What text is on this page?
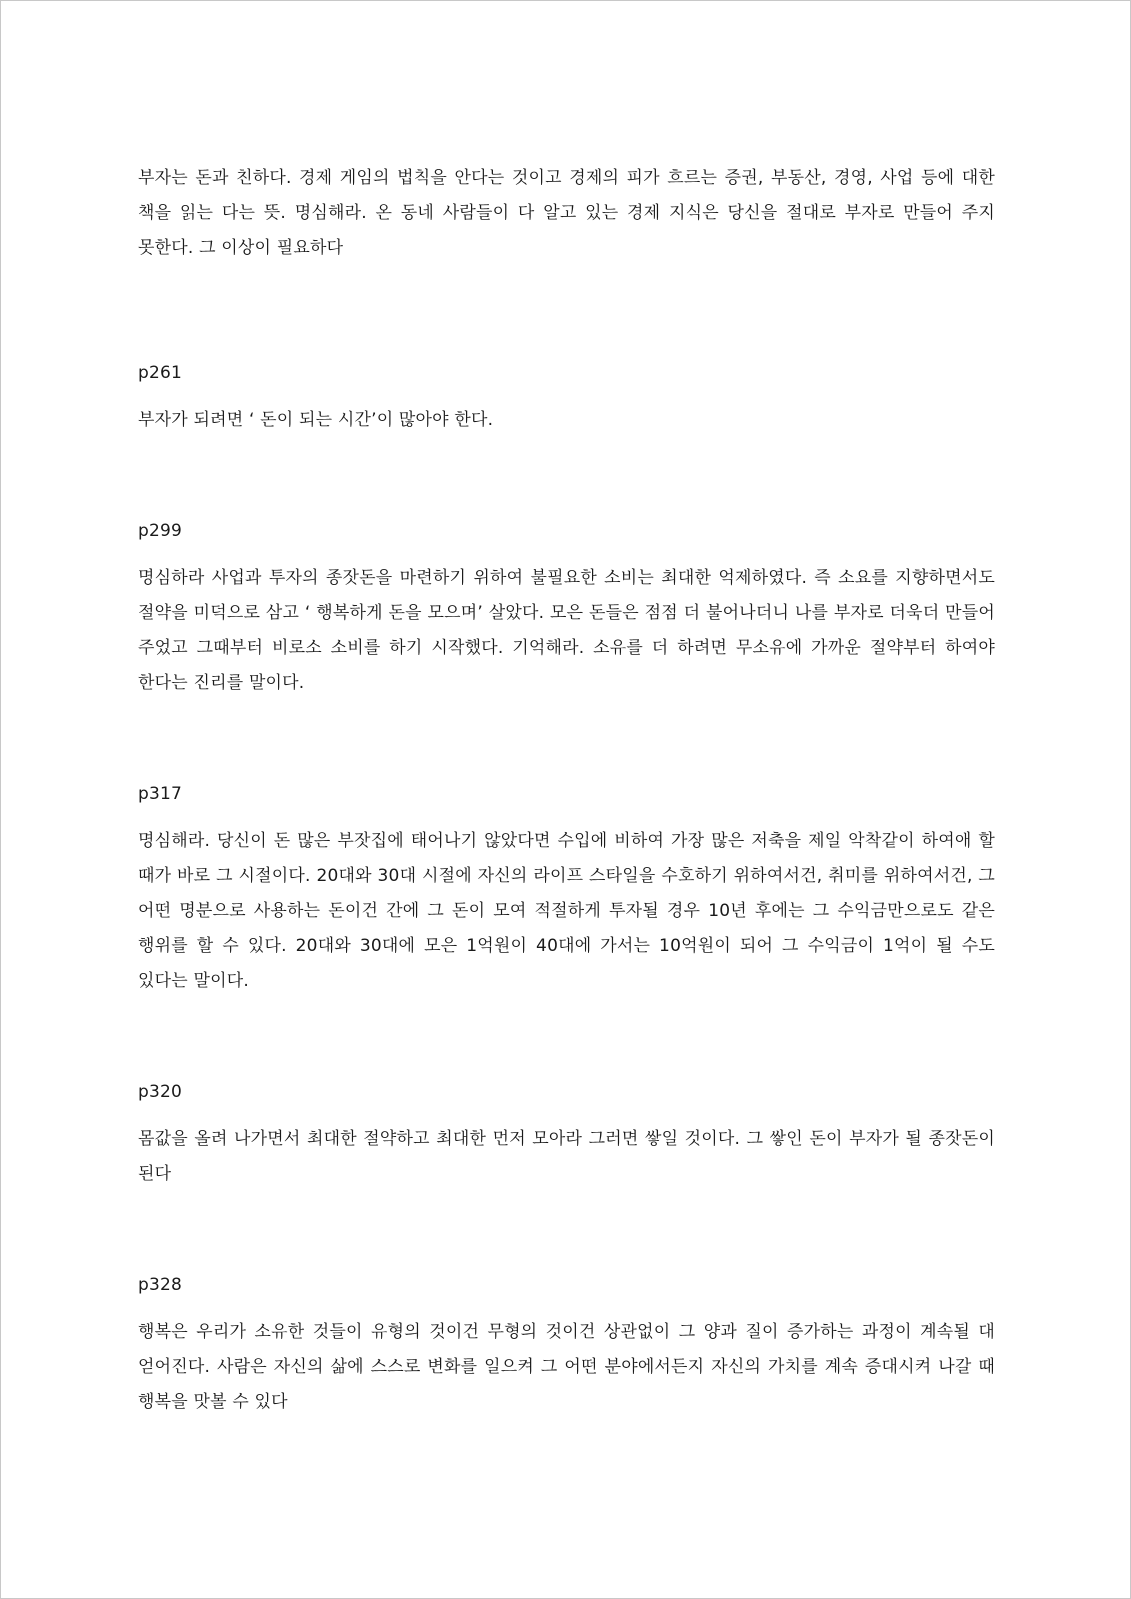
부자는 돈과 친하다. 경제 게임의 법칙을 안다는 것이고 경제의 피가 흐르는 증권, 부동산, 경영, 사업 등에 대한 책을 읽는 다는 뜻. 명심해라. 온 동네 사람들이 다 알고 있는 경제 지식은 당신을 절대로 부자로 만들어 주지 못한다. 그 이상이 필요하다

p261

부자가 되려면 ‘ 돈이 되는 시간’이 많아야 한다.

p299

명심하라 사업과 투자의 종잣돈을 마련하기 위하여 불필요한 소비는 최대한 억제하였다. 즉 소요를 지향하면서도 절약을 미덕으로 삼고 ‘ 행복하게 돈을 모으며’ 살았다. 모은 돈들은 점점 더 불어나더니 나를 부자로 더욱더 만들어 주었고 그때부터 비로소 소비를 하기 시작했다. 기억해라. 소유를 더 하려면 무소유에 가까운 절약부터 하여야 한다는 진리를 말이다.

p317

명심해라. 당신이 돈 많은 부잣집에 태어나기 않았다면 수입에 비하여 가장 많은 저축을 제일 악착같이 하여애 할 때가 바로 그 시절이다. 20대와 30대 시절에 자신의 라이프 스타일을 수호하기 위하여서건, 취미를 위하여서건, 그 어떤 명분으로 사용하는 돈이건 간에 그 돈이 모여 적절하게 투자될 경우 10년 후에는 그 수익금만으로도 같은 행위를 할 수 있다. 20대와 30대에 모은 1억원이 40대에 가서는 10억원이 되어 그 수익금이 1억이 될 수도 있다는 말이다.

p320

몸값을 올려 나가면서 최대한 절약하고 최대한 먼저 모아라 그러면 쌓일 것이다. 그 쌓인 돈이 부자가 될 종잣돈이 된다

p328

행복은 우리가 소유한 것들이 유형의 것이건 무형의 것이건 상관없이 그 양과 질이 증가하는 과정이 계속될 대 얻어진다. 사람은 자신의 삶에 스스로 변화를 일으켜 그 어떤 분야에서든지 자신의 가치를 계속 증대시켜 나갈 때 행복을 맛볼 수 있다
